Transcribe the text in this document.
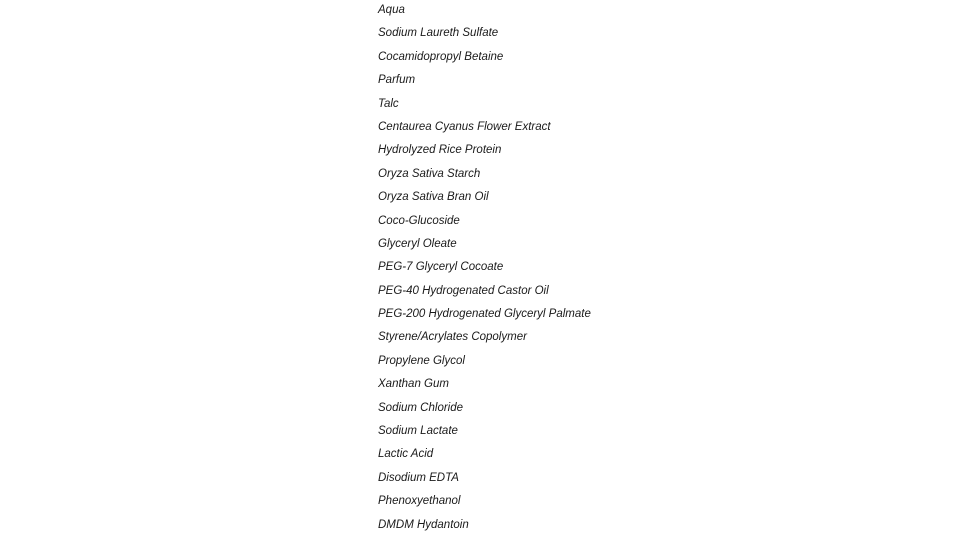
Aqua
Sodium Laureth Sulfate
Cocamidopropyl Betaine
Parfum
Talc
Centaurea Cyanus Flower Extract
Hydrolyzed Rice Protein
Oryza Sativa Starch
Oryza Sativa Bran Oil
Coco-Glucoside
Glyceryl Oleate
PEG-7 Glyceryl Cocoate
PEG-40 Hydrogenated Castor Oil
PEG-200 Hydrogenated Glyceryl Palmate
Styrene/Acrylates Copolymer
Propylene Glycol
Xanthan Gum
Sodium Chloride
Sodium Lactate
Lactic Acid
Disodium EDTA
Phenoxyethanol
DMDM Hydantoin
